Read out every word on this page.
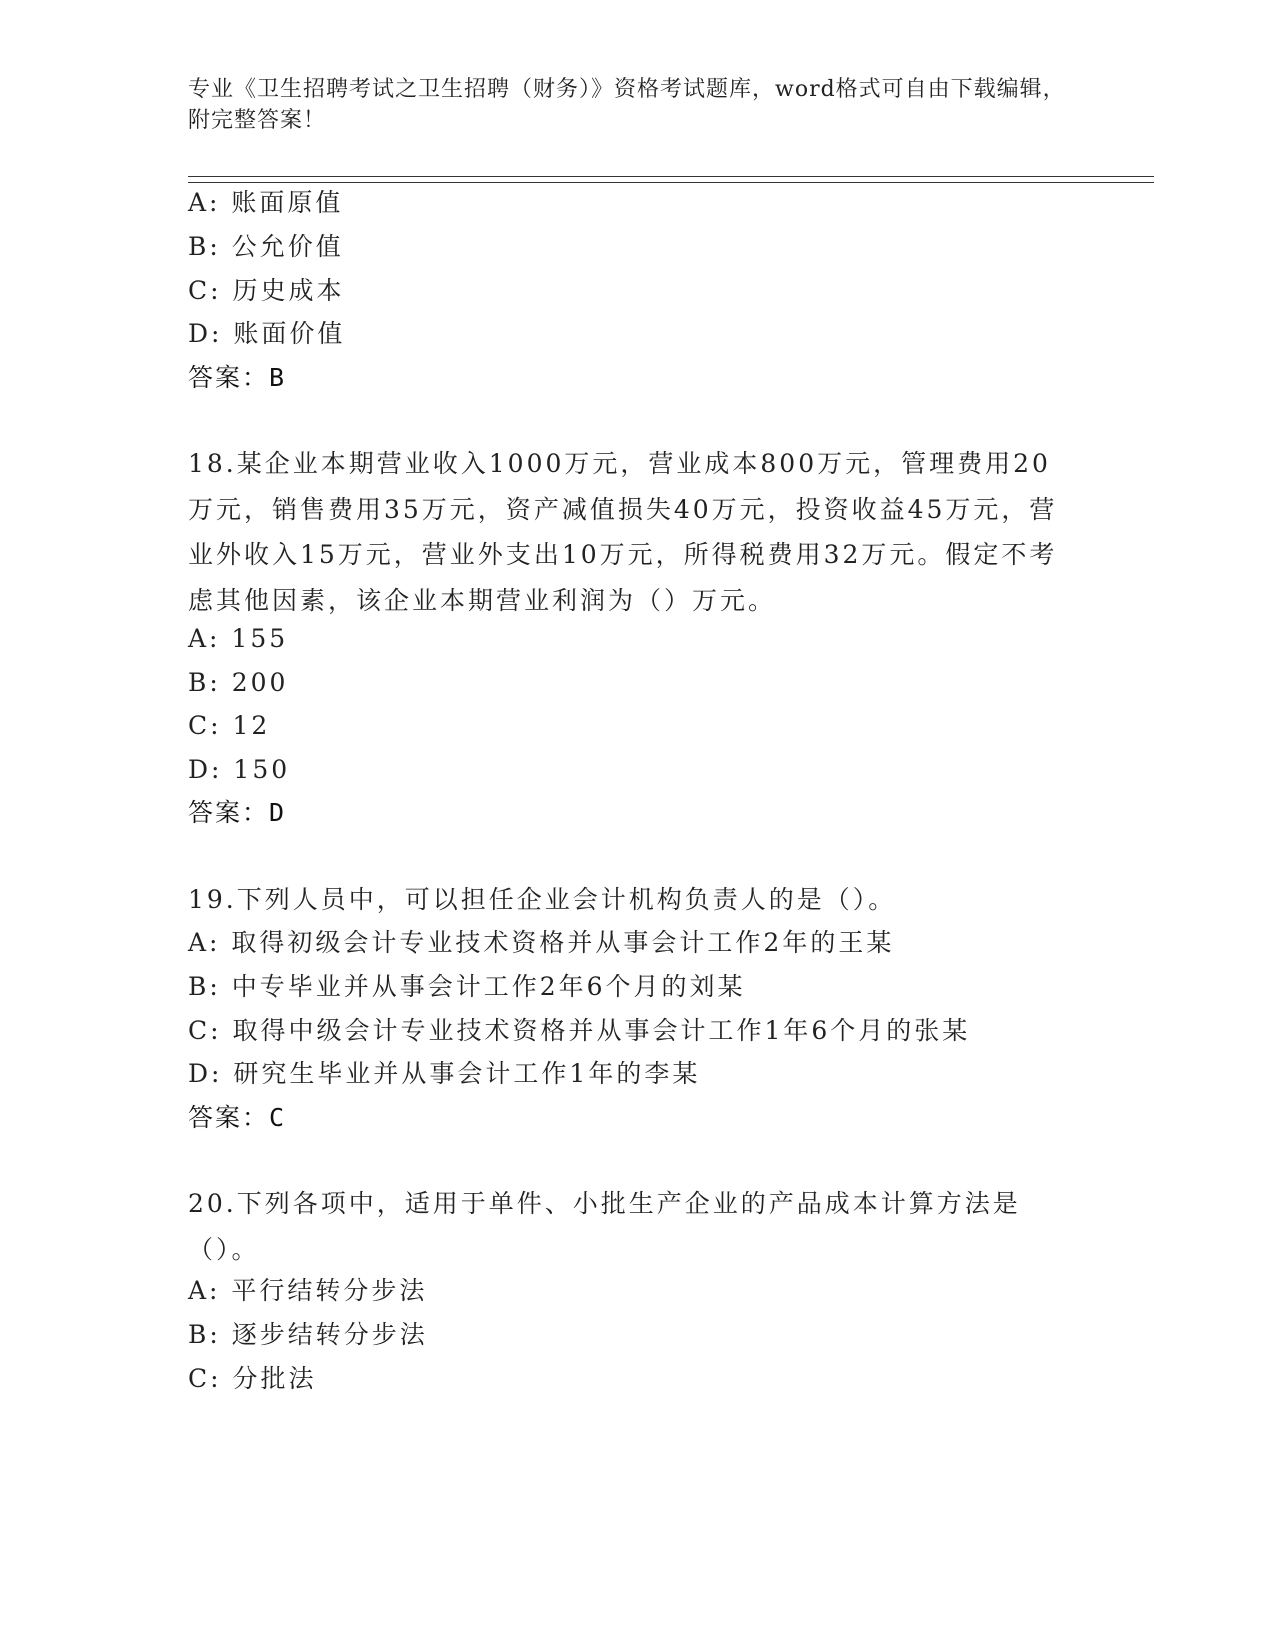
专业《卫生招聘考试之卫生招聘（财务）》资格考试题库，word格式可自由下载编辑，附完整答案！
A: 账面原值
B: 公允价值
C: 历史成本
D: 账面价值
答案：B
18.某企业本期营业收入1000万元，营业成本800万元，管理费用20万元，销售费用35万元，资产减值损失40万元，投资收益45万元，营业外收入15万元，营业外支出10万元，所得税费用32万元。假定不考虑其他因素，该企业本期营业利润为（）万元。
A: 155
B: 200
C: 12
D: 150
答案：D
19.下列人员中，可以担任企业会计机构负责人的是（）。
A: 取得初级会计专业技术资格并从事会计工作2年的王某
B: 中专毕业并从事会计工作2年6个月的刘某
C: 取得中级会计专业技术资格并从事会计工作1年6个月的张某
D: 研究生毕业并从事会计工作1年的李某
答案：C
20.下列各项中，适用于单件、小批生产企业的产品成本计算方法是（）。
A: 平行结转分步法
B: 逐步结转分步法
C: 分批法
